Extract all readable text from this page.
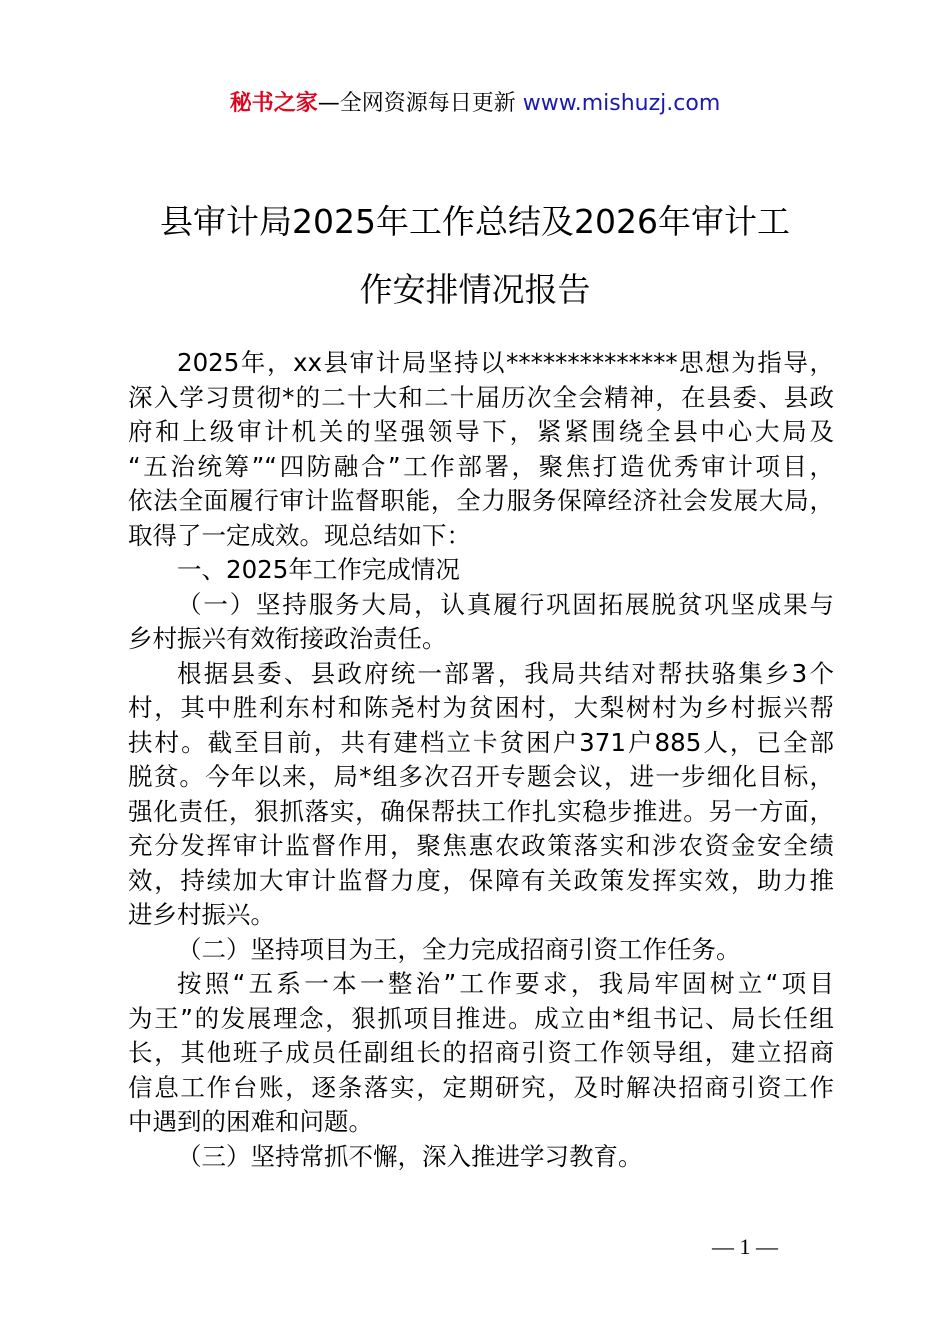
秘书之家—全网资源每日更新 www.mishuzj.com
县审计局2025年工作总结及2026年审计工
作安排情况报告
2025年，xx县审计局坚持以**************思想为指导，
深入学习贯彻*的二十大和二十届历次全会精神，在县委、县政
府和上级审计机关的坚强领导下，紧紧围绕全县中心大局及
“五治统筹”“四防融合”工作部署，聚焦打造优秀审计项目，
依法全面履行审计监督职能，全力服务保障经济社会发展大局，
取得了一定成效。现总结如下：
一、2025年工作完成情况
（一）坚持服务大局，认真履行巩固拓展脱贫巩坚成果与
乡村振兴有效衔接政治责任。
根据县委、县政府统一部署，我局共结对帮扶骆集乡3个
村，其中胜利东村和陈尧村为贫困村，大梨树村为乡村振兴帮
扶村。截至目前，共有建档立卡贫困户371户885人，已全部
脱贫。今年以来，局*组多次召开专题会议，进一步细化目标，
强化责任，狠抓落实，确保帮扶工作扎实稳步推进。另一方面，
充分发挥审计监督作用，聚焦惠农政策落实和涉农资金安全绩
效，持续加大审计监督力度，保障有关政策发挥实效，助力推
进乡村振兴。
（二）坚持项目为王，全力完成招商引资工作任务。
按照“五系一本一整治”工作要求，我局牢固树立“项目
为王”的发展理念，狠抓项目推进。成立由*组书记、局长任组
长，其他班子成员任副组长的招商引资工作领导组，建立招商
信息工作台账，逐条落实，定期研究，及时解决招商引资工作
中遇到的困难和问题。
（三）坚持常抓不懈，深入推进学习教育。
— 1 —
